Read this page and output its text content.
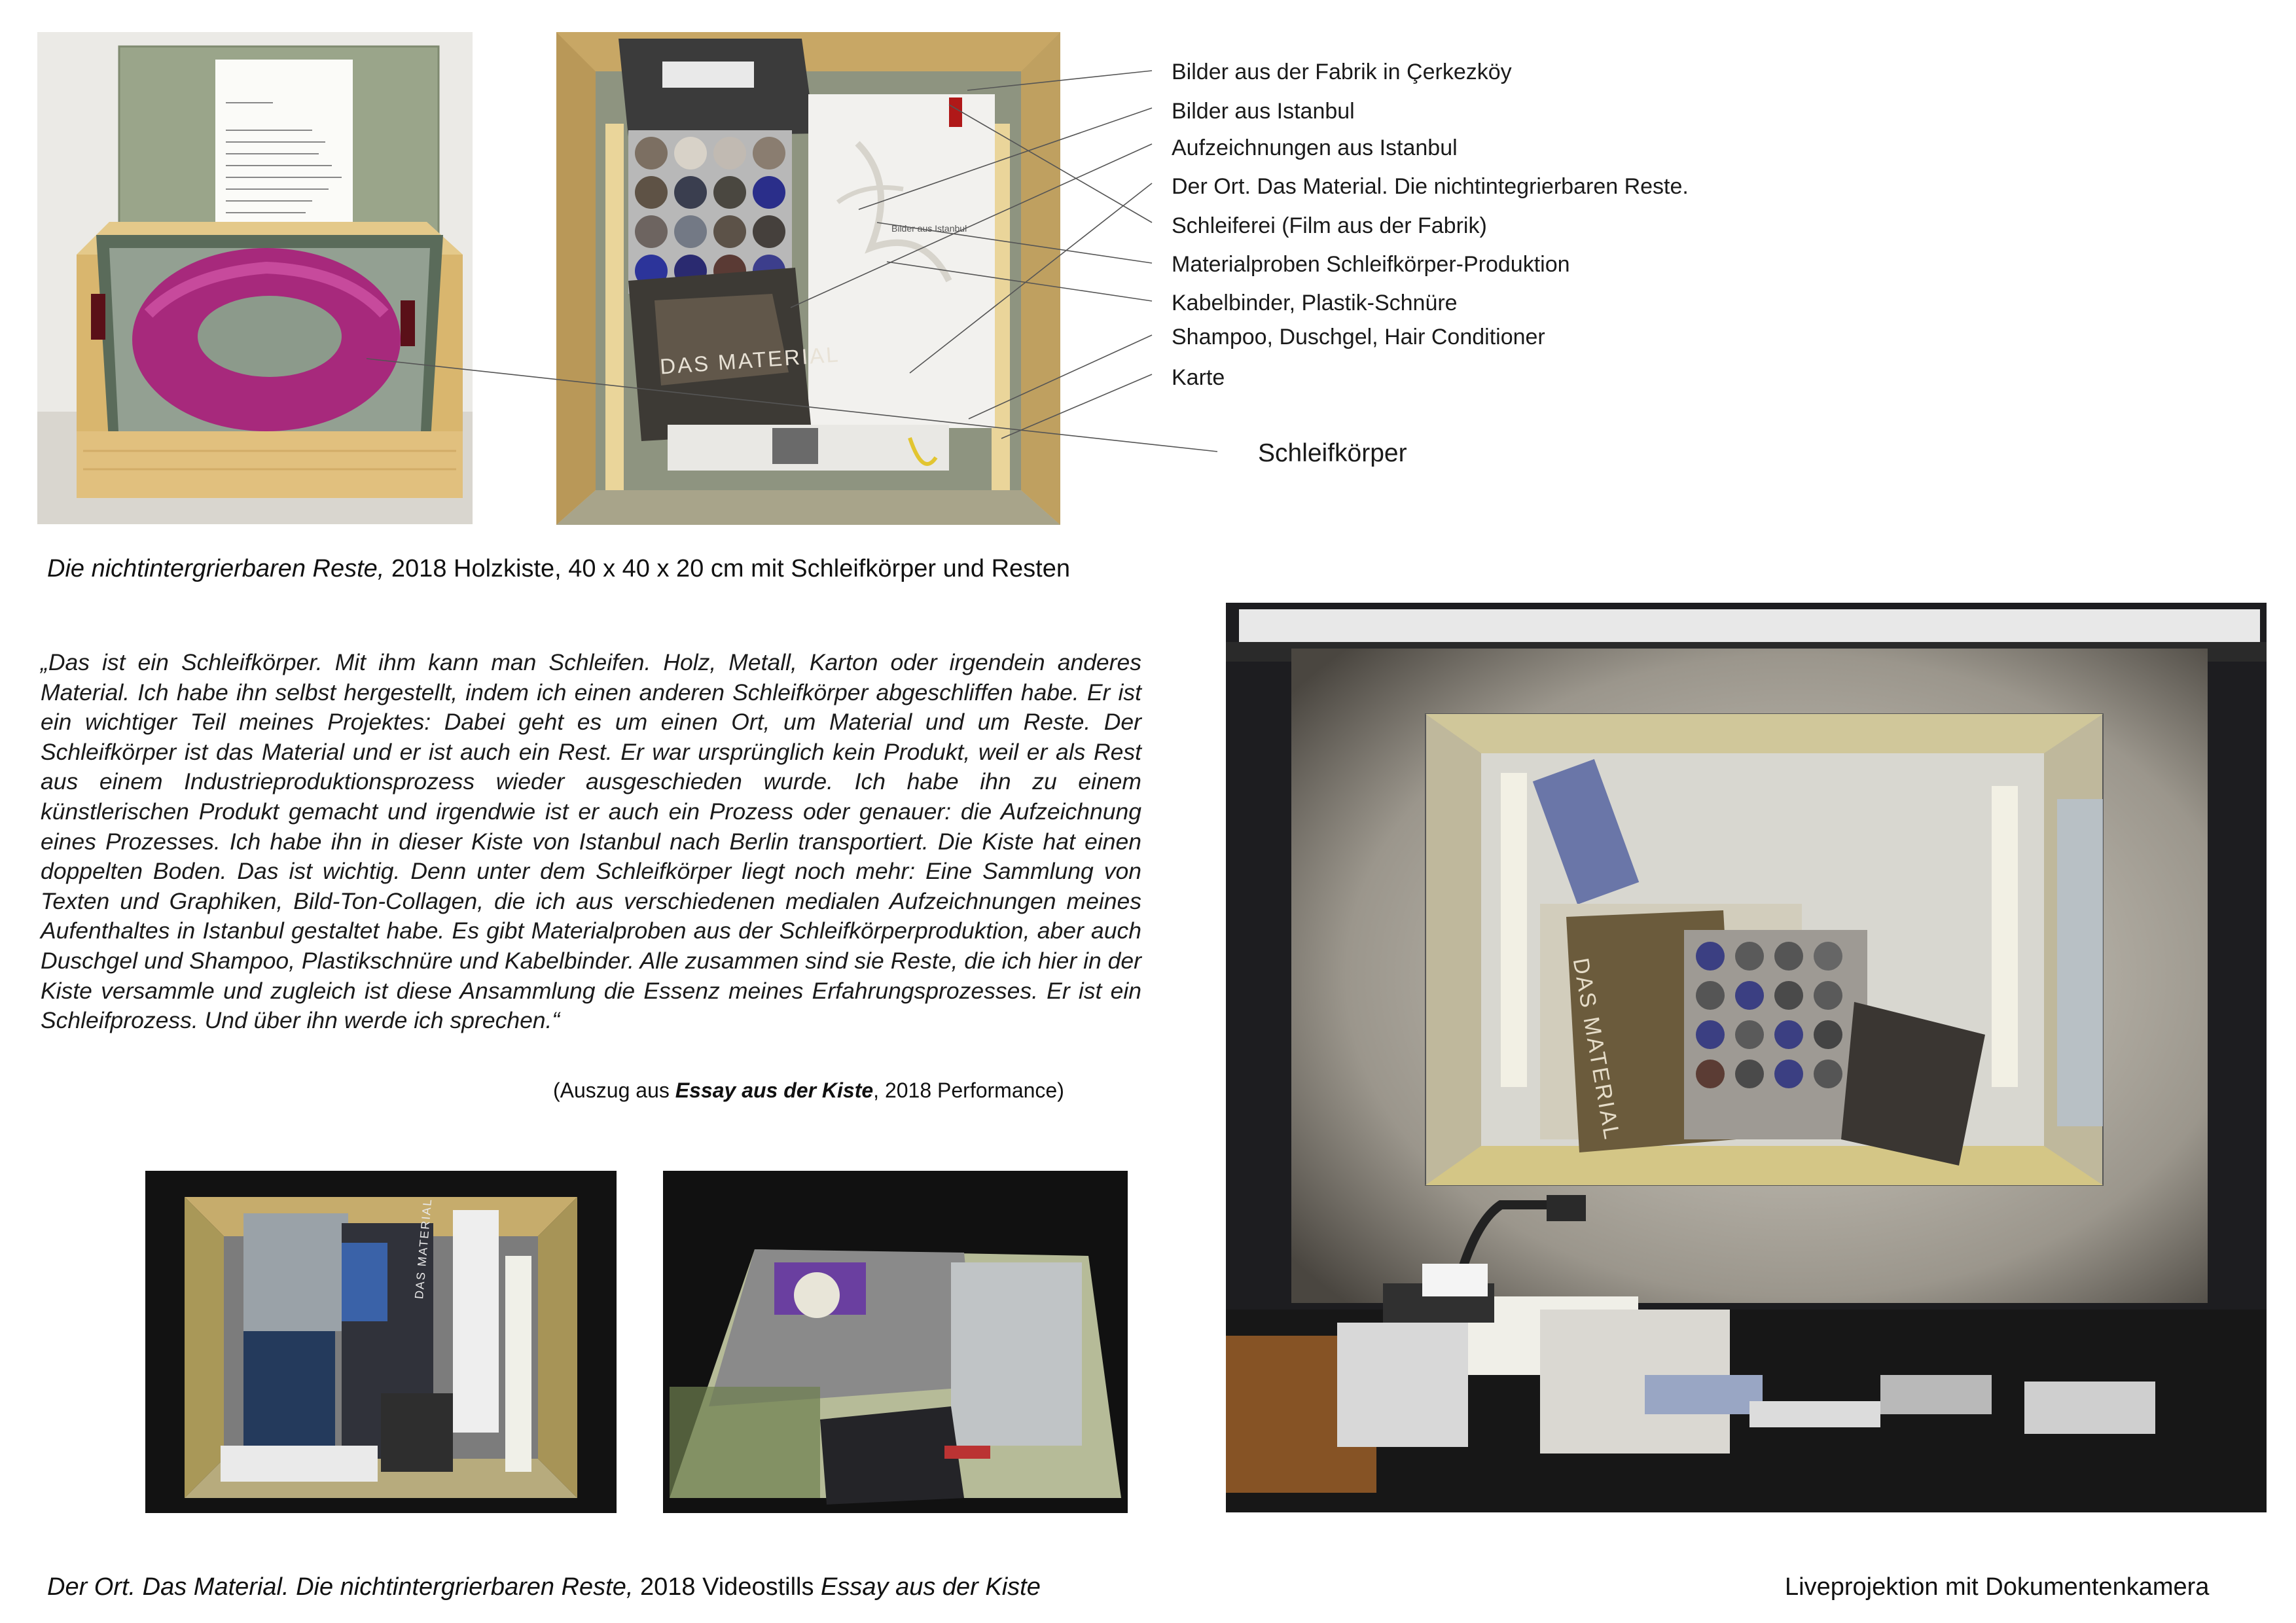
DAS MATERIAL
Bilder aus Istanbul
Bilder aus der Fabrik in Çerkezköy
Bilder aus Istanbul
Aufzeichnungen aus Istanbul
Der Ort. Das Material. Die nichtintegrierbaren Reste.
Schleiferei (Film aus der Fabrik)
Materialproben Schleifkörper-Produktion
Kabelbinder, Plastik-Schnüre
Shampoo, Duschgel, Hair Conditioner
Karte
Schleifkörper
Die nichtintergrierbaren Reste, 2018 Holzkiste, 40 x 40 x 20 cm mit Schleifkörper und Resten
„Das ist ein Schleifkörper. Mit ihm kann man Schleifen. Holz, Metall, Karton oder irgendein anderes Material. Ich habe ihn selbst hergestellt, indem ich einen anderen Schleifkörper abgeschliffen habe. Er ist ein wichtiger Teil meines Projektes: Dabei geht es um einen Ort, um Material und um Reste. Der Schleifkörper ist das Material und er ist auch ein Rest. Er war ursprünglich kein Produkt, weil er als Rest aus einem Industrieproduktionsprozess wieder ausgeschieden wurde. Ich habe ihn zu einem künstlerischen Produkt gemacht und irgendwie ist er auch ein Prozess oder genauer: die Aufzeichnung eines Prozesses. Ich habe ihn in dieser Kiste von Istanbul nach Berlin transportiert. Die Kiste hat einen doppelten Boden. Das ist wichtig. Denn unter dem Schleifkörper liegt noch mehr: Eine Sammlung von Texten und Graphiken, Bild-Ton-Collagen, die ich aus verschiedenen medialen Aufzeichnungen meines Aufenthaltes in Istanbul gestaltet habe. Es gibt Materialproben aus der Schleifkörperproduktion, aber auch Duschgel und Shampoo, Plastikschnüre und Kabelbinder. Alle zusammen sind sie Reste, die ich hier in der Kiste versammle und zugleich ist diese Ansammlung die Essenz meines Erfahrungsprozesses. Er ist ein Schleifprozess. Und über ihn werde ich sprechen.“
(Auszug aus Essay aus der Kiste, 2018 Performance)	DAS MATERIAL
DAS MATERIAL
Der Ort. Das Material. Die nichtintergrierbaren Reste, 2018 Videostills Essay aus der Kiste	Liveprojektion mit Dokumentenkamera
